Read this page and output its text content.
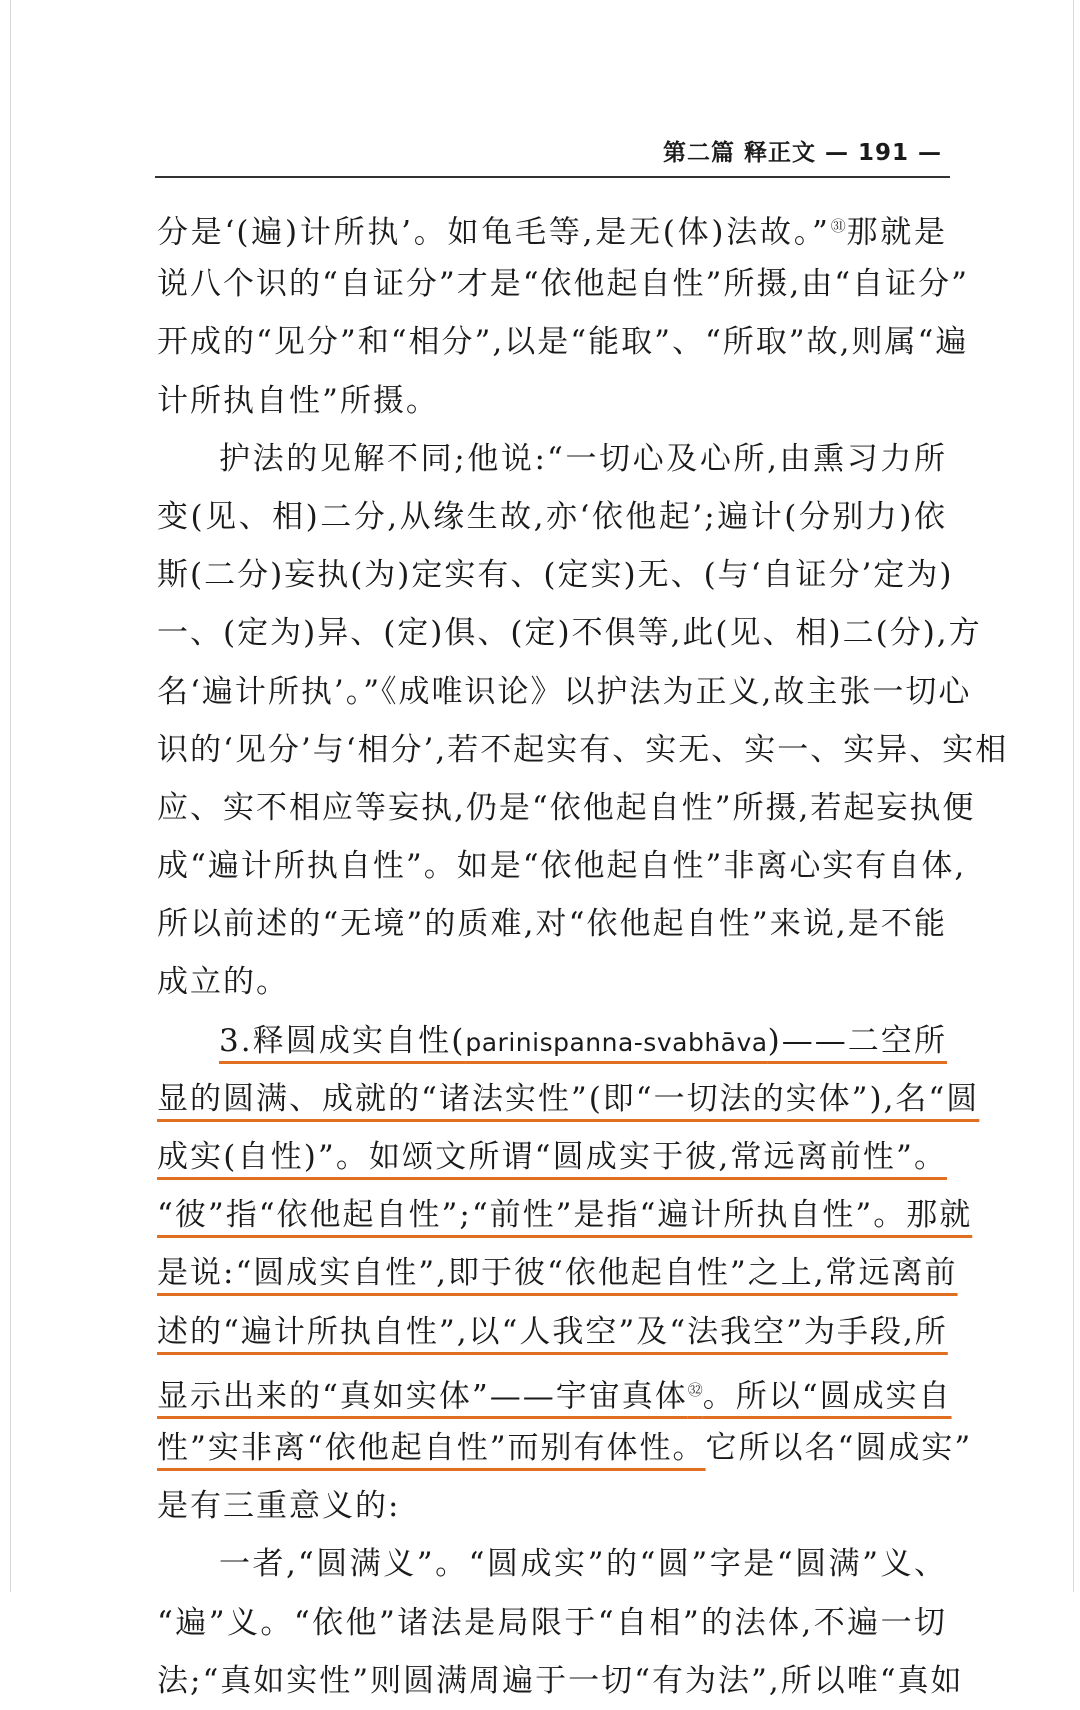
第二篇 释正文 — 191 —
分是‘(遍)计所执’。如龟毛等,是无(体)法故。”$^㉛$那就是
说八个识的“自证分”才是“依他起自性”所摄,由“自证分”
开成的“见分”和“相分”,以是“能取”、“所取”故,则属“遍
计所执自性”所摄。
护法的见解不同;他说:“一切心及心所,由熏习力所
变(见、相)二分,从缘生故,亦‘依他起’;遍计(分别力)依
斯(二分)妄执(为)定实有、(定实)无、(与‘自证分’定为)
一、(定为)异、(定)俱、(定)不俱等,此(见、相)二(分),方
名‘遍计所执’。”《成唯识论》以护法为正义,故主张一切心
识的‘见分’与‘相分’,若不起实有、实无、实一、实异、实相
应、实不相应等妄执,仍是“依他起自性”所摄,若起妄执便
成“遍计所执自性”。如是“依他起自性”非离心实有自体,
所以前述的“无境”的质难,对“依他起自性”来说,是不能
成立的。
3.释圆成实自性(parinispanna-svabhāva)——二空所
显的圆满、成就的“诸法实性”(即“一切法的实体”),名“圆
成实(自性)”。如颂文所谓“圆成实于彼,常远离前性”。
“彼”指“依他起自性”;“前性”是指“遍计所执自性”。那就
是说:“圆成实自性”,即于彼“依他起自性”之上,常远离前
述的“遍计所执自性”,以“人我空”及“法我空”为手段,所
显示出来的“真如实体”——宇宙真体$^㉜$。所以“圆成实自
性”实非离“依他起自性”而别有体性。它所以名“圆成实”
是有三重意义的:
一者,“圆满义”。“圆成实”的“圆”字是“圆满”义、
“遍”义。“依他”诸法是局限于“自相”的法体,不遍一切
法;“真如实性”则圆满周遍于一切“有为法”,所以唯“真如
